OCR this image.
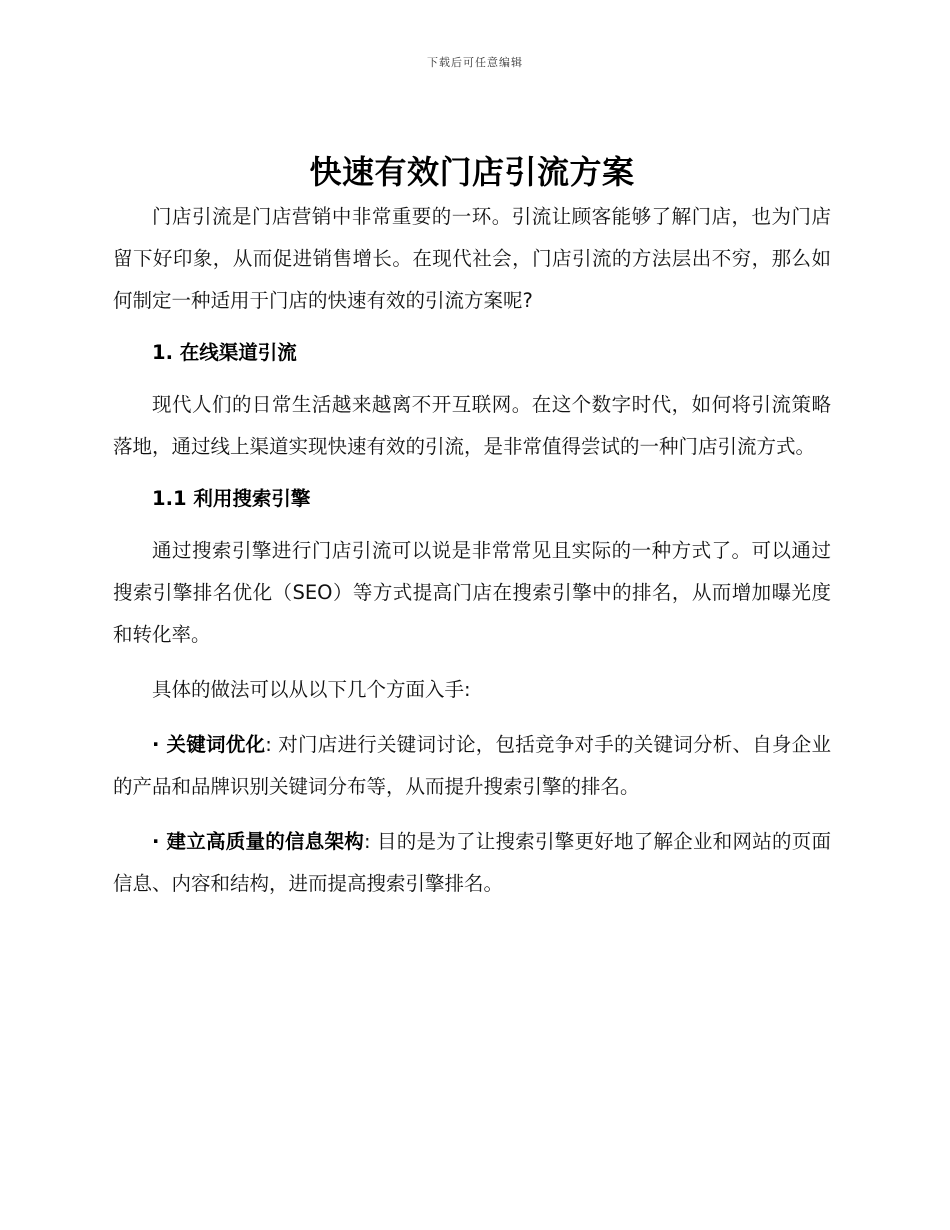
下载后可任意编辑
快速有效门店引流方案

门店引流是门店营销中非常重要的一环。引流让顾客能够了解门店，也为门店留下好印象，从而促进销售增长。在现代社会，门店引流的方法层出不穷，那么如何制定一种适用于门店的快速有效的引流方案呢?

1. 在线渠道引流

现代人们的日常生活越来越离不开互联网。在这个数字时代，如何将引流策略落地，通过线上渠道实现快速有效的引流，是非常值得尝试的一种门店引流方式。

1.1 利用搜索引擎

通过搜索引擎进行门店引流可以说是非常常见且实际的一种方式了。可以通过搜索引擎排名优化（SEO）等方式提高门店在搜索引擎中的排名，从而增加曝光度和转化率。

具体的做法可以从以下几个方面入手:

· 关键词优化: 对门店进行关键词讨论，包括竞争对手的关键词分析、自身企业的产品和品牌识别关键词分布等，从而提升搜索引擎的排名。

· 建立高质量的信息架构: 目的是为了让搜索引擎更好地了解企业和网站的页面信息、内容和结构，进而提高搜索引擎排名。
